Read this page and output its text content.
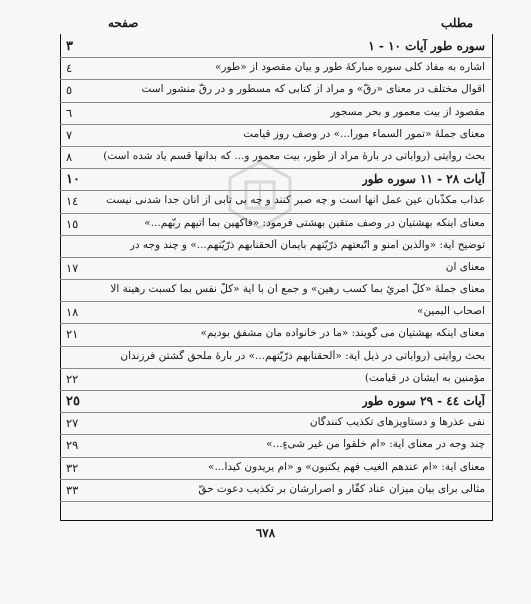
مطلب
صفحه
٣	سوره طور آيات ١٠ - ١
٤	اشاره به مفاد كلّى سوره مباركهٔ طور و بيان مقصود از «طور»
٥	اقوال مختلف در معناى «رقّ» و مراد از كتابى كه مسطور و در رقّ منشور است
٦	مقصود از بيت معمور و بحر مسجور
٧	معناى جملهٔ «تمور السماء مورا...» در وصف روز قيامت
٨	بحث روايتى (رواياتى در بارهٔ مراد از طور، بيت معمور و... كه بدانها قسم ياد شده است)
١٠	آيات ٢٨ - ١١ سوره طور
١٤	عذاب مكذّبان عين عمل آنها است و چه صبر كنند و چه بى تابى از آنان جدا شدنى نيست
١٥	معناى اينكه بهشتيان در وصف متقين بهشتى فرمود: «فاكهين بما آتيهم ربّهم...»
توضيح آية: «والّذين آمنو و اتّبعتهم ذرّيّتهم بايمان ألحقنابهم ذرّيّتهم...» و چند وجه در
١٧	معناى آن
معناى جملهٔ «كلّ امرئٍ بما كسب رهين» و جمع آن با آية «كلّ نفس بما كسبت رهينة الّا
١٨	اصحاب اليمين»
٢١	معناى اينكه بهشتيان مى گويند: «ما در خانواده مان مشفق بوديم»
بحث روايتى (رواياتى در ذيل آية: «ألحقنابهم ذرّيّتهم...» در بارهٔ ملحق گشتن فرزندان
٢٢	مؤمنين به ايشان در قيامت)
٢٥	آيات ٤٤ - ٢٩ سوره طور
٢٧	نفى عذرها و دستاويزهاى تكذيب كنندگان
٢٩	چند وجه در معناى آية: «ام خلقوا من غير شىءٍ...»
٣٢	معناى آية: «ام عندهم الغيب فهم يكتبون» و «ام يريدون كيداً...»
٣٣	مثالى براى بيان ميزان عناد كفّار و اصرارشان بر تكذيب دعوت حقّ
٦٧٨
